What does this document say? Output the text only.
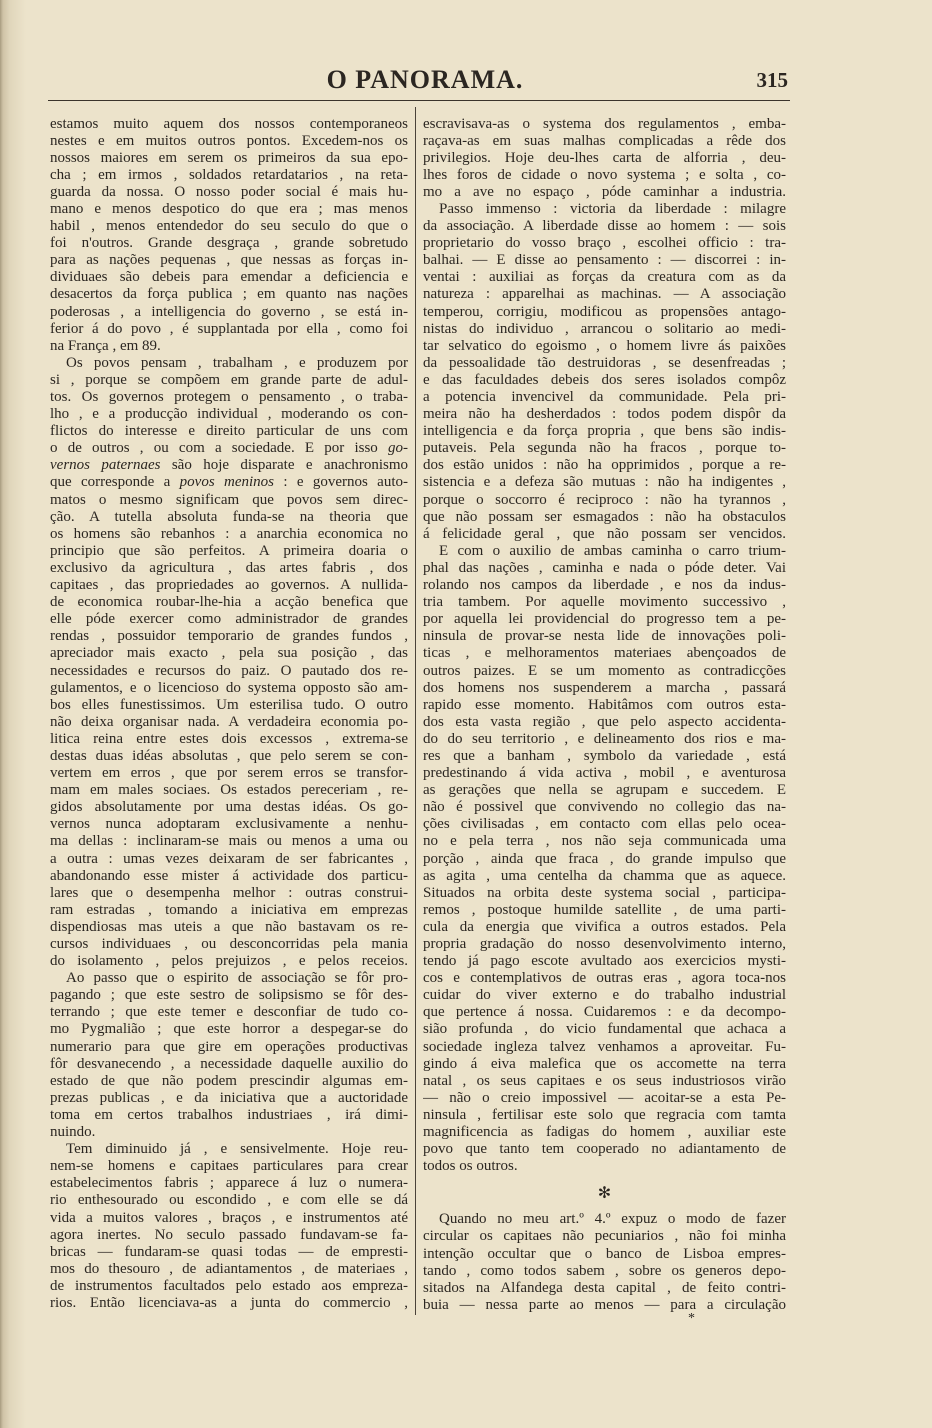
O PANORAMA.	315
estamos muito aquem dos nossos contemporaneos
nestes e em muitos outros pontos. Excedem-nos os
nossos maiores em serem os primeiros da sua epo-
cha ; em irmos , soldados retardatarios , na reta-
guarda da nossa. O nosso poder social é mais hu-
mano e menos despotico do que era ; mas menos
habil , menos entendedor do seu seculo do que o
foi n'outros. Grande desgraça , grande sobretudo
para as nações pequenas , que nessas as forças in-
dividuaes são debeis para emendar a deficiencia e
desacertos da força publica ; em quanto nas nações
poderosas , a intelligencia do governo , se está in-
ferior á do povo , é supplantada por ella , como foi
na França , em 89.
Os povos pensam , trabalham , e produzem por
si , porque se compõem em grande parte de adul-
tos. Os governos protegem o pensamento , o traba-
lho , e a producção individual , moderando os con-
flictos do interesse e direito particular de uns com
o de outros , ou com a sociedade. E por isso go-
vernos paternaes são hoje disparate e anachronismo
que corresponde a povos meninos : e governos auto-
matos o mesmo significam que povos sem direc-
ção. A tutella absoluta funda-se na theoria que
os homens são rebanhos : a anarchia economica no
principio que são perfeitos. A primeira doaria o
exclusivo da agricultura , das artes fabris , dos
capitaes , das propriedades ao governos. A nullida-
de economica roubar-lhe-hia a acção benefica que
elle póde exercer como administrador de grandes
rendas , possuidor temporario de grandes fundos ,
apreciador mais exacto , pela sua posição , das
necessidades e recursos do paiz. O pautado dos re-
gulamentos, e o licencioso do systema opposto são am-
bos elles funestissimos. Um esterilisa tudo. O outro
não deixa organisar nada. A verdadeira economia po-
litica reina entre estes dois excessos , extrema-se
destas duas idéas absolutas , que pelo serem se con-
vertem em erros , que por serem erros se transfor-
mam em males sociaes. Os estados pereceriam , re-
gidos absolutamente por uma destas idéas. Os go-
vernos nunca adoptaram exclusivamente a nenhu-
ma dellas : inclinaram-se mais ou menos a uma ou
a outra : umas vezes deixaram de ser fabricantes ,
abandonando esse mister á actividade dos particu-
lares que o desempenha melhor : outras construi-
ram estradas , tomando a iniciativa em emprezas
dispendiosas mas uteis a que não bastavam os re-
cursos individuaes , ou desconcorridas pela mania
do isolamento , pelos prejuizos , e pelos receios.
Ao passo que o espirito de associação se fôr pro-
pagando ; que este sestro de solipsismo se fôr des-
terrando ; que este temer e desconfiar de tudo co-
mo Pygmalião ; que este horror a despegar-se do
numerario para que gire em operações productivas
fôr desvanecendo , a necessidade daquelle auxilio do
estado de que não podem prescindir algumas em-
prezas publicas , e da iniciativa que a auctoridade
toma em certos trabalhos industriaes , irá dimi-
nuindo.
Tem diminuido já , e sensivelmente. Hoje reu-
nem-se homens e capitaes particulares para crear
estabelecimentos fabris ; apparece á luz o numera-
rio enthesourado ou escondido , e com elle se dá
vida a muitos valores , braços , e instrumentos até
agora inertes. No seculo passado fundavam-se fa-
bricas — fundaram-se quasi todas — de empresti-
mos do thesouro , de adiantamentos , de materiaes ,
de instrumentos facultados pelo estado aos empreza-
rios. Então licenciava-as a junta do commercio ,
escravisava-as o systema dos regulamentos , emba-
raçava-as em suas malhas complicadas a rêde dos
privilegios. Hoje deu-lhes carta de alforria , deu-
lhes foros de cidade o novo systema ; e solta , co-
mo a ave no espaço , póde caminhar a industria.
Passo immenso : victoria da liberdade : milagre
da associação. A liberdade disse ao homem : — sois
proprietario do vosso braço , escolhei officio : tra-
balhai. — E disse ao pensamento : — discorrei : in-
ventai : auxiliai as forças da creatura com as da
natureza : apparelhai as machinas. — A associação
temperou, corrigiu, modificou as propensões antago-
nistas do individuo , arrancou o solitario ao medi-
tar selvatico do egoismo , o homem livre ás paixões
da pessoalidade tão destruidoras , se desenfreadas ;
e das faculdades debeis dos seres isolados compôz
a potencia invencivel da communidade. Pela pri-
meira não ha desherdados : todos podem dispôr da
intelligencia e da força propria , que bens são indis-
putaveis. Pela segunda não ha fracos , porque to-
dos estão unidos : não ha opprimidos , porque a re-
sistencia e a defeza são mutuas : não ha indigentes ,
porque o soccorro é reciproco : não ha tyrannos ,
que não possam ser esmagados : não ha obstaculos
á felicidade geral , que não possam ser vencidos.
E com o auxilio de ambas caminha o carro trium-
phal das nações , caminha e nada o póde deter. Vai
rolando nos campos da liberdade , e nos da indus-
tria tambem. Por aquelle movimento successivo ,
por aquella lei providencial do progresso tem a pe-
ninsula de provar-se nesta lide de innovações poli-
ticas , e melhoramentos materiaes abençoados de
outros paizes. E se um momento as contradicções
dos homens nos suspenderem a marcha , passará
rapido esse momento. Habitâmos com outros esta-
dos esta vasta região , que pelo aspecto accidenta-
do do seu territorio , e delineamento dos rios e ma-
res que a banham , symbolo da variedade , está
predestinando á vida activa , mobil , e aventurosa
as gerações que nella se agrupam e succedem. E
não é possivel que convivendo no collegio das na-
ções civilisadas , em contacto com ellas pelo ocea-
no e pela terra , nos não seja communicada uma
porção , ainda que fraca , do grande impulso que
as agita , uma centelha da chamma que as aquece.
Situados na orbita deste systema social , participa-
remos , postoque humilde satellite , de uma parti-
cula da energia que vivifica a outros estados. Pela
propria gradação do nosso desenvolvimento interno,
tendo já pago escote avultado aos exercicios mysti-
cos e contemplativos de outras eras , agora toca-nos
cuidar do viver externo e do trabalho industrial
que pertence á nossa. Cuidaremos : e da decompo-
sião profunda , do vicio fundamental que achaca a
sociedade ingleza talvez venhamos a aproveitar. Fu-
gindo á eiva malefica que os accomette na terra
natal , os seus capitaes e os seus industriosos virão
— não o creio impossivel — acoitar-se a esta Pe-
ninsula , fertilisar este solo que regracia com tamta
magnificencia as fadigas do homem , auxiliar este
povo que tanto tem cooperado no adiantamento de
todos os outros.
✻
Quando no meu art.º 4.º expuz o modo de fazer
circular os capitaes não pecuniarios , não foi minha
intenção occultar que o banco de Lisboa empres-
tando , como todos sabem , sobre os generos depo-
sitados na Alfandega desta capital , de feito contri-
buia — nessa parte ao menos — para a circulação
*
